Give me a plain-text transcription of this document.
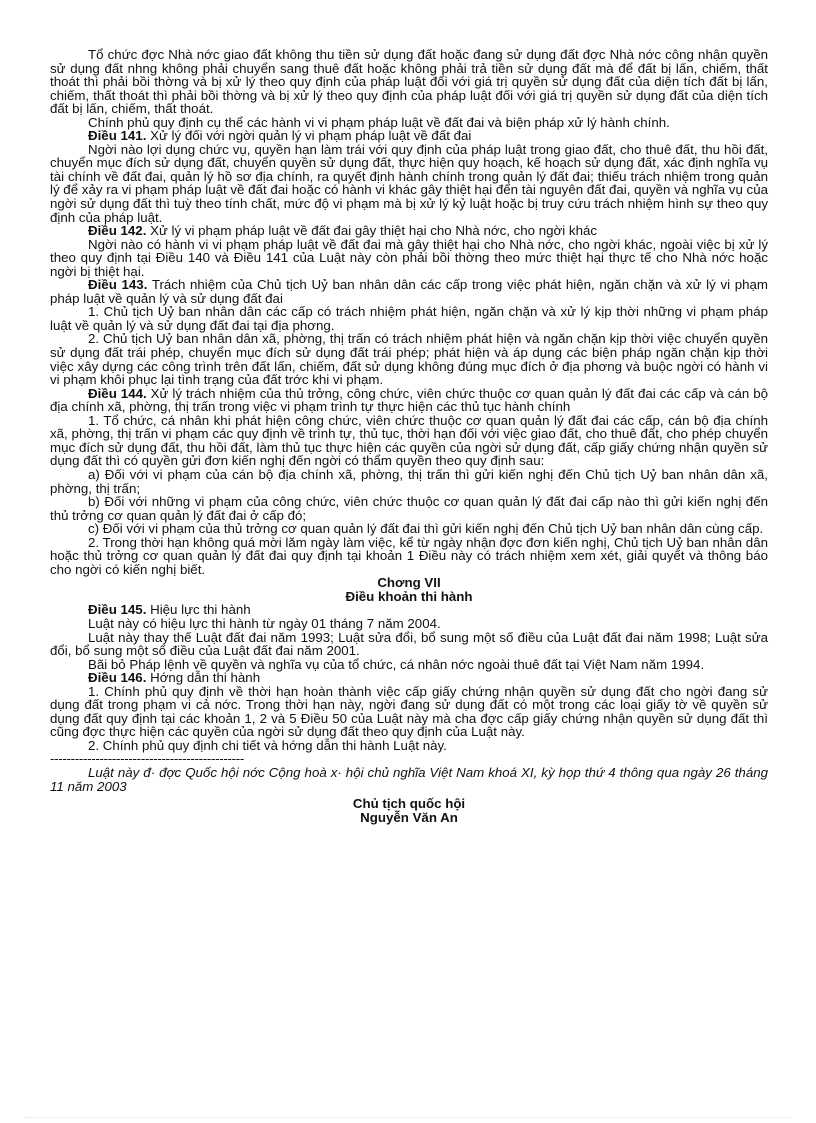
Tổ chức đợc Nhà nớc giao đất không thu tiền sử dụng đất hoặc đang sử dụng đất đợc Nhà nớc công nhận quyền sử dụng đất nhng không phải chuyển sang thuê đất hoặc không phải trả tiền sử dụng đất mà để đất bị lấn, chiếm, thất thoát thì phải bồi thờng và bị xử lý theo quy định của pháp luật đối với giá trị quyền sử dụng đất của diện tích đất bị lấn, chiếm, thất thoát thì phải bồi thờng và bị xử lý theo quy định của pháp luật đối với giá trị quyền sử dụng đất của diện tích đất bị lấn, chiếm, thất thoát.

Chính phủ quy định cụ thể các hành vi vi phạm pháp luật về đất đai và biện pháp xử lý hành chính.

Điều 141. Xử lý đối với ngời quản lý vi phạm pháp luật về đất đai

Ngời nào lợi dụng chức vụ, quyền hạn làm trái với quy định của pháp luật trong giao đất, cho thuê đất, thu hồi đất, chuyển mục đích sử dụng đất, chuyển quyền sử dụng đất, thực hiện quy hoạch, kế hoạch sử dụng đất, xác định nghĩa vụ tài chính về đất đai, quản lý hồ sơ địa chính, ra quyết định hành chính trong quản lý đất đai; thiếu trách nhiệm trong quản lý để xảy ra vi phạm pháp luật về đất đai hoặc có hành vi khác gây thiệt hại đến tài nguyên đất đai, quyền và nghĩa vụ của ngời sử dụng đất thì tuỳ theo tính chất, mức độ vi phạm mà bị xử lý kỷ luật hoặc bị truy cứu trách nhiệm hình sự theo quy định của pháp luật.

Điều 142. Xử lý vi phạm pháp luật về đất đai gây thiệt hại cho Nhà nớc, cho ngời khác

Ngời nào có hành vi vi phạm pháp luật về đất đai mà gây thiệt hại cho Nhà nớc, cho ngời khác, ngoài việc bị xử lý theo quy định tại Điều 140 và Điều 141 của Luật này còn phải bồi thờng theo mức thiệt hại thực tế cho Nhà nớc hoặc ngời bị thiệt hại.

Điều 143. Trách nhiệm của Chủ tịch Uỷ ban nhân dân các cấp trong việc phát hiện, ngăn chặn và xử lý vi phạm pháp luật về quản lý và sử dụng đất đai

1. Chủ tịch Uỷ ban nhân dân các cấp có trách nhiệm phát hiện, ngăn chặn và xử lý kịp thời những vi phạm pháp luật về quản lý và sử dụng đất đai tại địa phơng.

2. Chủ tịch Uỷ ban nhân dân xã, phờng, thị trấn có trách nhiệm phát hiện và ngăn chặn kịp thời việc chuyển quyền sử dụng đất trái phép, chuyển mục đích sử dụng đất trái phép; phát hiện và áp dụng các biện pháp ngăn chặn kịp thời việc xây dựng các công trình trên đất lấn, chiếm, đất sử dụng không đúng mục đích ở địa phơng và buộc ngời có hành vi vi phạm khôi phục lại tình trạng của đất trớc khi vi phạm.

Điều 144. Xử lý trách nhiệm của thủ trởng, công chức, viên chức thuộc cơ quan quản lý đất đai các cấp và cán bộ địa chính xã, phờng, thị trấn trong việc vi phạm trình tự thực hiện các thủ tục hành chính

1. Tổ chức, cá nhân khi phát hiện công chức, viên chức thuộc cơ quan quản lý đất đai các cấp, cán bộ địa chính xã, phờng, thị trấn vi phạm các quy định về trình tự, thủ tục, thời hạn đối với việc giao đất, cho thuê đất, cho phép chuyển mục đích sử dụng đất, thu hồi đất, làm thủ tục thực hiện các quyền của ngời sử dụng đất, cấp giấy chứng nhận quyền sử dụng đất thì có quyền gửi đơn kiến nghị đến ngời có thẩm quyền theo quy định sau:

a) Đối với vi phạm của cán bộ địa chính xã, phờng, thị trấn thì gửi kiến nghị đến Chủ tịch Uỷ ban nhân dân xã, phờng, thị trấn;

b) Đối với những vi phạm của công chức, viên chức thuộc cơ quan quản lý đất đai cấp nào thì gửi kiến nghị đến thủ trởng cơ quan quản lý đất đai ở cấp đó;

c) Đối với vi phạm của thủ trởng cơ quan quản lý đất đai thì gửi kiến nghị đến Chủ tịch Uỷ ban nhân dân cùng cấp.

2. Trong thời hạn không quá mời lăm ngày làm việc, kể từ ngày nhận đợc đơn kiến nghị, Chủ tịch Uỷ ban nhân dân hoặc thủ trởng cơ quan quản lý đất đai quy định tại khoản 1 Điều này có trách nhiệm xem xét, giải quyết và thông báo cho ngời có kiến nghị biết.

Chơng VII

Điều khoản thi hành

Điều 145. Hiệu lực thi hành

Luật này có hiệu lực thi hành từ ngày 01 tháng 7 năm 2004.

Luật này thay thế Luật đất đai năm 1993; Luật sửa đổi, bổ sung một số điều của Luật đất đai năm 1998; Luật sửa đổi, bổ sung một số điều của Luật đất đai năm 2001.

Bãi bỏ Pháp lệnh về quyền và nghĩa vụ của tổ chức, cá nhân nớc ngoài thuê đất tại Việt Nam năm 1994.

Điều 146. Hớng dẫn thi hành

1. Chính phủ quy định về thời hạn hoàn thành việc cấp giấy chứng nhận quyền sử dụng đất cho ngời đang sử dụng đất trong phạm vi cả nớc. Trong thời hạn này, ngời đang sử dụng đất có một trong các loại giấy tờ về quyền sử dụng đất quy định tại các khoản 1, 2 và 5 Điều 50 của Luật này mà cha đợc cấp giấy chứng nhận quyền sử dụng đất thì cũng đợc thực hiện các quyền của ngời sử dụng đất theo quy định của Luật này.

2. Chính phủ quy định chi tiết và hớng dẫn thi hành Luật này.

-----------------------------------------------

Luật này đ· đợc Quốc hội nớc Cộng hoà x· hội chủ nghĩa Việt Nam khoá XI, kỳ họp thứ 4 thông qua ngày 26 tháng 11 năm 2003

Chủ tịch quốc hội

Nguyễn Văn An
